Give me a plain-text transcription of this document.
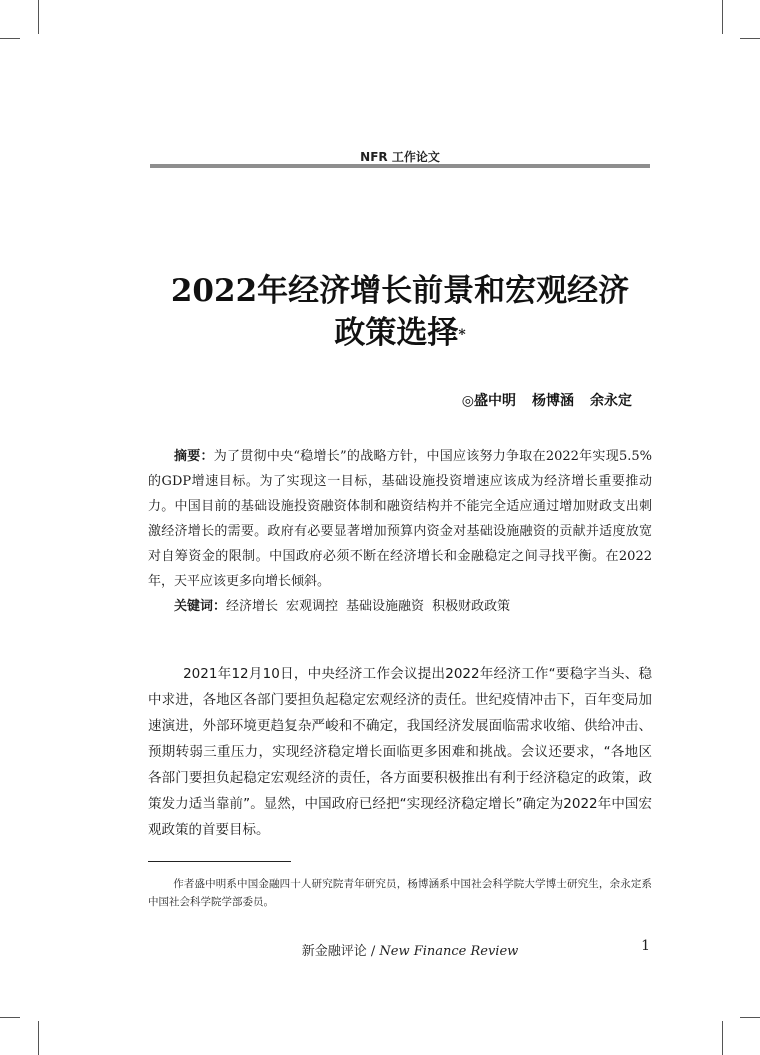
NFR 工作论文
2022年经济增长前景和宏观经济
政策选择*
◎盛中明 杨博涵 余永定

摘要：为了贯彻中央“稳增长”的战略方针，中国应该努力争取在2022年实现5.5%的GDP增速目标。为了实现这一目标，基础设施投资增速应该成为经济增长重要推动力。中国目前的基础设施投资融资体制和融资结构并不能完全适应通过增加财政支出刺激经济增长的需要。政府有必要显著增加预算内资金对基础设施融资的贡献并适度放宽对自筹资金的限制。中国政府必须不断在经济增长和金融稳定之间寻找平衡。在2022年，天平应该更多向增长倾斜。

关键词：经济增长 宏观调控 基础设施融资 积极财政政策

2021年12月10日，中央经济工作会议提出2022年经济工作“要稳字当头、稳中求进，各地区各部门要担负起稳定宏观经济的责任。世纪疫情冲击下，百年变局加速演进，外部环境更趋复杂严峻和不确定，我国经济发展面临需求收缩、供给冲击、预期转弱三重压力，实现经济稳定增长面临更多困难和挑战。会议还要求，“各地区各部门要担负起稳定宏观经济的责任，各方面要积极推出有利于经济稳定的政策，政策发力适当靠前”。显然，中国政府已经把“实现经济稳定增长”确定为2022年中国宏观政策的首要目标。

作者盛中明系中国金融四十人研究院青年研究员，杨博涵系中国社会科学院大学博士研究生，余永定系中国社会科学院学部委员。

新金融评论 / New Finance Review	1
